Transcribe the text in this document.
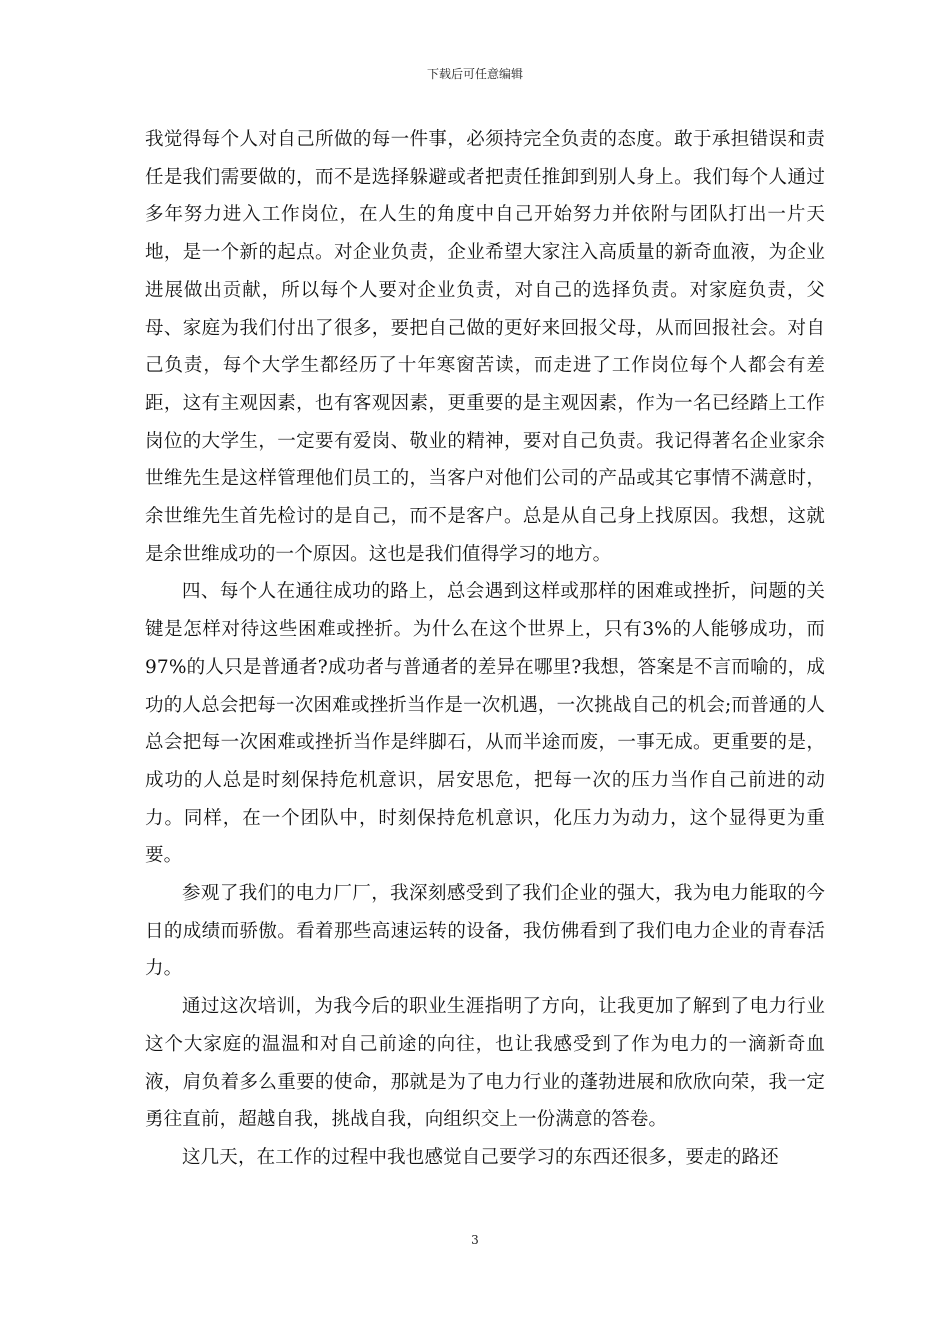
下载后可任意编辑

我觉得每个人对自己所做的每一件事，必须持完全负责的态度。敢于承担错误和责任是我们需要做的，而不是选择躲避或者把责任推卸到别人身上。我们每个人通过多年努力进入工作岗位，在人生的角度中自己开始努力并依附与团队打出一片天地，是一个新的起点。对企业负责，企业希望大家注入高质量的新奇血液，为企业进展做出贡献，所以每个人要对企业负责，对自己的选择负责。对家庭负责，父母、家庭为我们付出了很多，要把自己做的更好来回报父母，从而回报社会。对自己负责，每个大学生都经历了十年寒窗苦读，而走进了工作岗位每个人都会有差距，这有主观因素，也有客观因素，更重要的是主观因素，作为一名已经踏上工作岗位的大学生，一定要有爱岗、敬业的精神，要对自己负责。我记得著名企业家余世维先生是这样管理他们员工的，当客户对他们公司的产品或其它事情不满意时，余世维先生首先检讨的是自己，而不是客户。总是从自己身上找原因。我想，这就是余世维成功的一个原因。这也是我们值得学习的地方。

四、每个人在通往成功的路上，总会遇到这样或那样的困难或挫折，问题的关键是怎样对待这些困难或挫折。为什么在这个世界上，只有3%的人能够成功，而97%的人只是普通者?成功者与普通者的差异在哪里?我想，答案是不言而喻的，成功的人总会把每一次困难或挫折当作是一次机遇，一次挑战自己的机会;而普通的人总会把每一次困难或挫折当作是绊脚石，从而半途而废，一事无成。更重要的是，成功的人总是时刻保持危机意识，居安思危，把每一次的压力当作自己前进的动力。同样，在一个团队中，时刻保持危机意识，化压力为动力，这个显得更为重要。

参观了我们的电力厂厂，我深刻感受到了我们企业的强大，我为电力能取的今日的成绩而骄傲。看着那些高速运转的设备，我仿佛看到了我们电力企业的青春活力。

通过这次培训，为我今后的职业生涯指明了方向，让我更加了解到了电力行业这个大家庭的温温和对自己前途的向往，也让我感受到了作为电力的一滴新奇血液，肩负着多么重要的使命，那就是为了电力行业的蓬勃进展和欣欣向荣，我一定勇往直前，超越自我，挑战自我，向组织交上一份满意的答卷。

这几天，在工作的过程中我也感觉自己要学习的东西还很多，要走的路还

3
